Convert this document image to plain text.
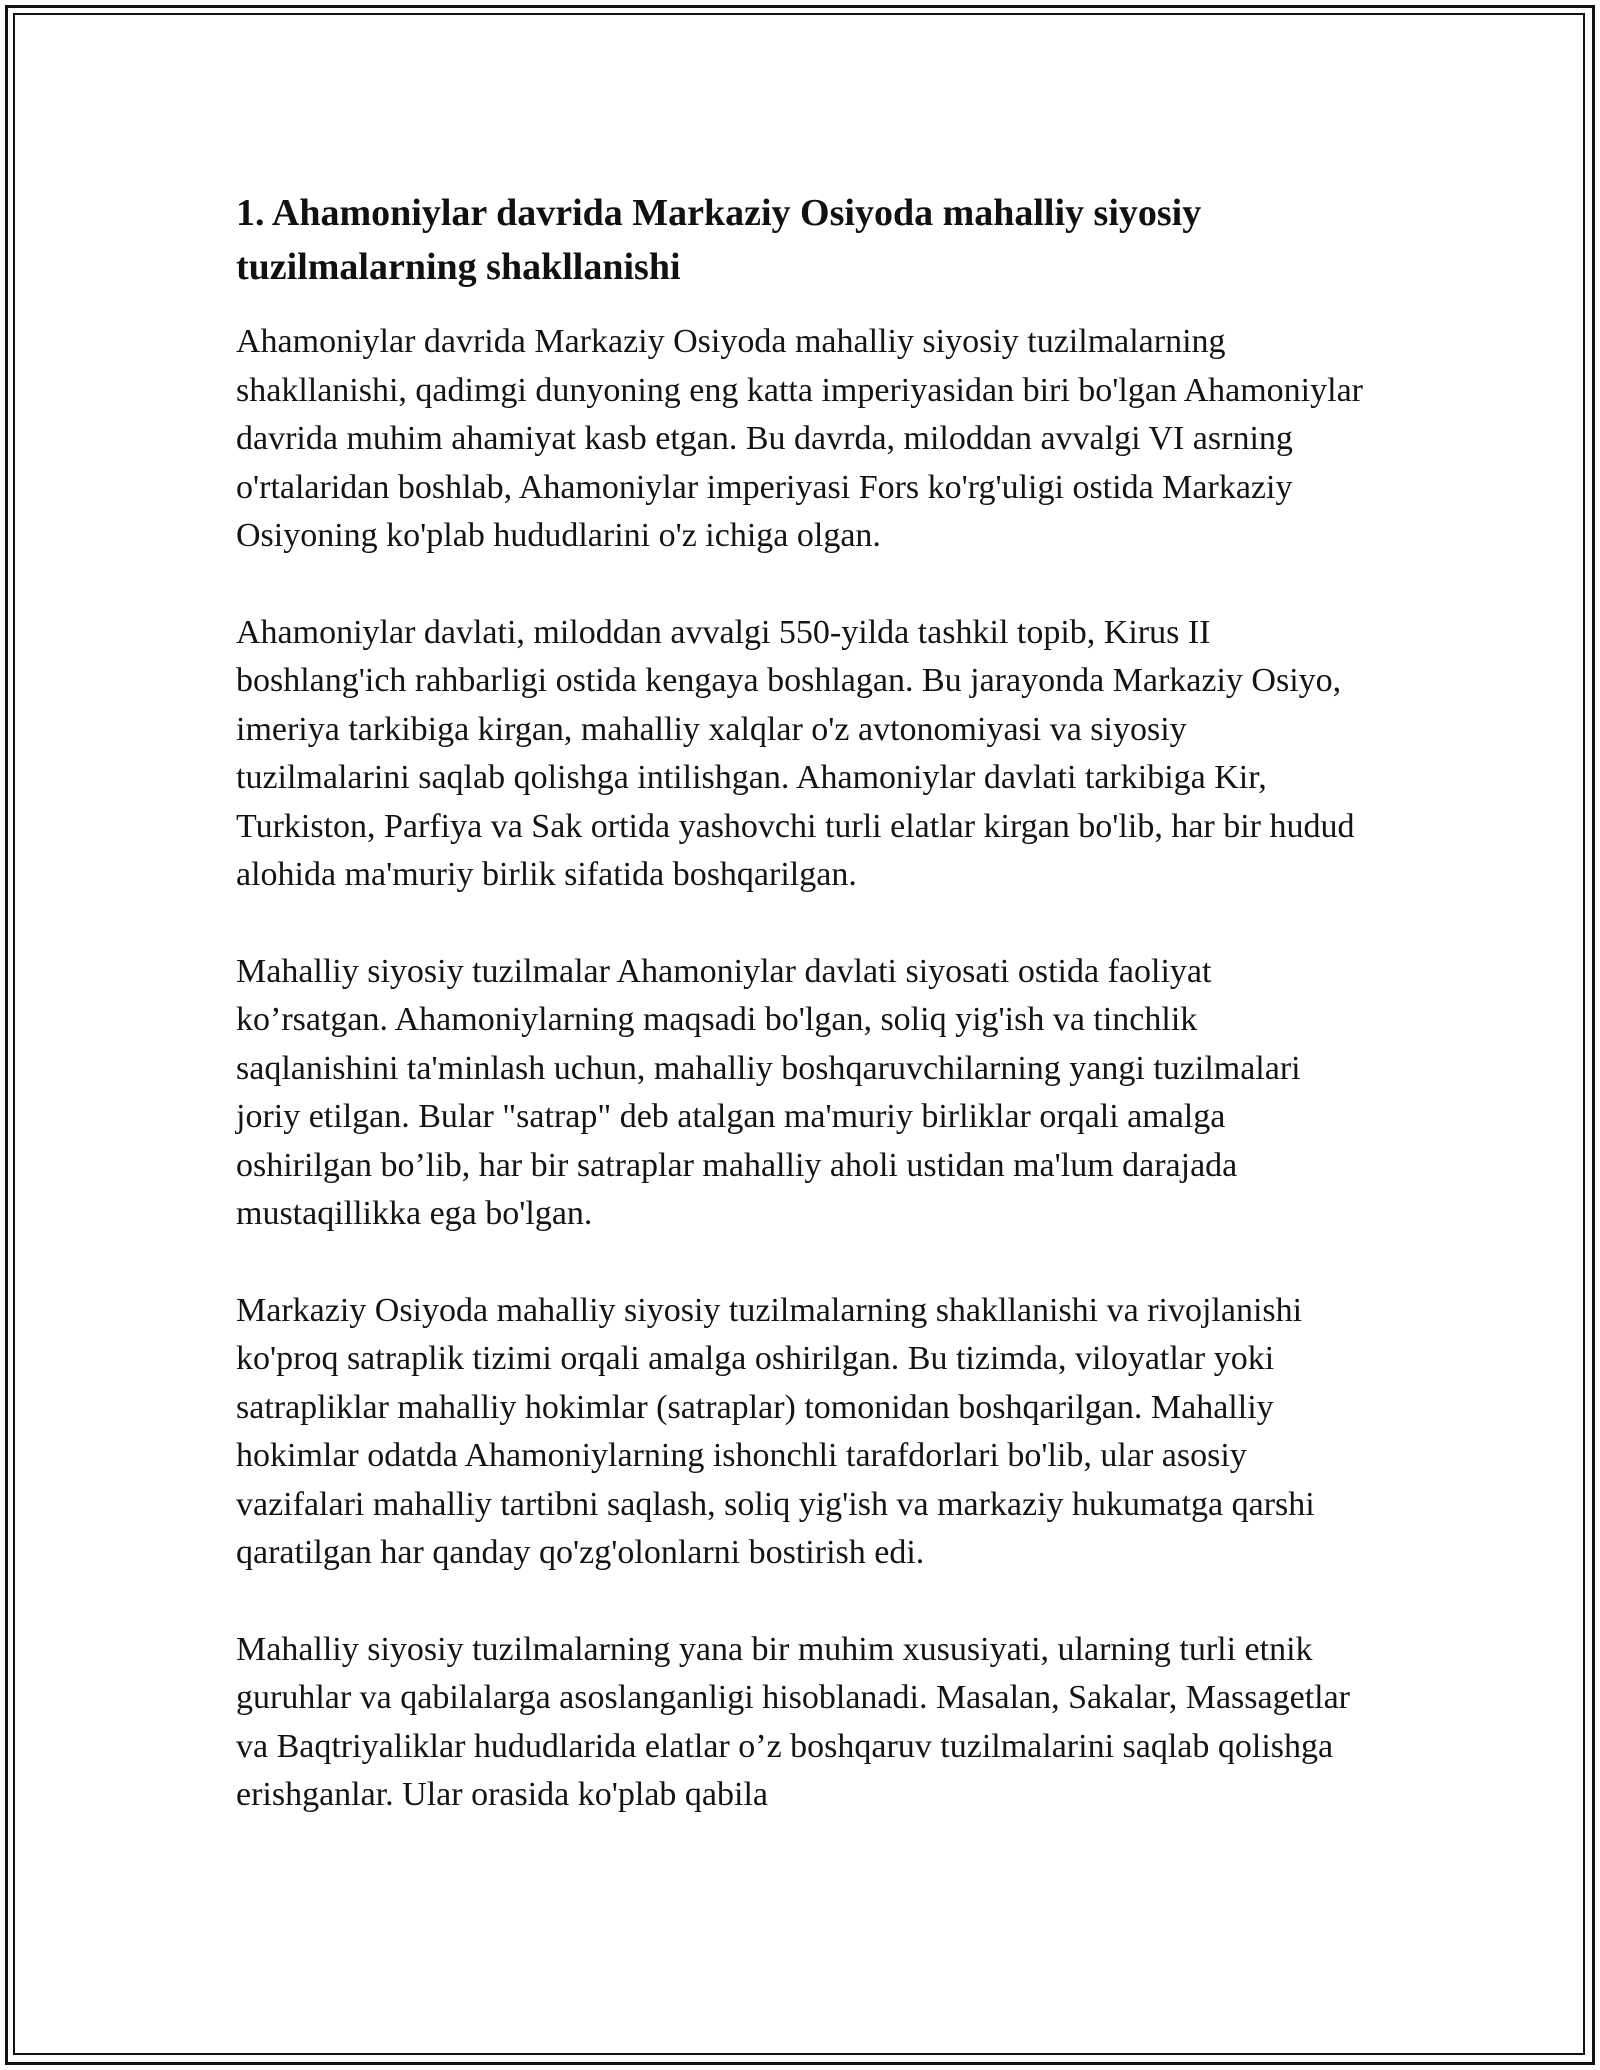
1. Ahamoniylar davrida Markaziy Osiyoda mahalliy siyosiy tuzilmalarning shakllanishi

Ahamoniylar davrida Markaziy Osiyoda mahalliy siyosiy tuzilmalarning shakllanishi, qadimgi dunyoning eng katta imperiyasidan biri bo'lgan Ahamoniylar davrida muhim ahamiyat kasb etgan. Bu davrda, miloddan avvalgi VI asrning o'rtalaridan boshlab, Ahamoniylar imperiyasi Fors ko'rg'uligi ostida Markaziy Osiyoning ko'plab hududlarini o'z ichiga olgan.

Ahamoniylar davlati, miloddan avvalgi 550-yilda tashkil topib, Kirus II boshlang'ich rahbarligi ostida kengaya boshlagan. Bu jarayonda Markaziy Osiyo, imeriya tarkibiga kirgan, mahalliy xalqlar o'z avtonomiyasi va siyosiy tuzilmalarini saqlab qolishga intilishgan. Ahamoniylar davlati tarkibiga Kir, Turkiston, Parfiya va Sak ortida yashovchi turli elatlar kirgan bo'lib, har bir hudud alohida ma'muriy birlik sifatida boshqarilgan.

Mahalliy siyosiy tuzilmalar Ahamoniylar davlati siyosati ostida faoliyat ko’rsatgan. Ahamoniylarning maqsadi bo'lgan, soliq yig'ish va tinchlik saqlanishini ta'minlash uchun, mahalliy boshqaruvchilarning yangi tuzilmalari joriy etilgan. Bular "satrap" deb atalgan ma'muriy birliklar orqali amalga oshirilgan bo’lib, har bir satraplar mahalliy aholi ustidan ma'lum darajada mustaqillikka ega bo'lgan.

Markaziy Osiyoda mahalliy siyosiy tuzilmalarning shakllanishi va rivojlanishi ko'proq satraplik tizimi orqali amalga oshirilgan. Bu tizimda, viloyatlar yoki satrapliklar mahalliy hokimlar (satraplar) tomonidan boshqarilgan. Mahalliy hokimlar odatda Ahamoniylarning ishonchli tarafdorlari bo'lib, ular asosiy vazifalari mahalliy tartibni saqlash, soliq yig'ish va markaziy hukumatga qarshi qaratilgan har qanday qo'zg'olonlarni bostirish edi.

Mahalliy siyosiy tuzilmalarning yana bir muhim xususiyati, ularning turli etnik guruhlar va qabilalarga asoslanganligi hisoblanadi. Masalan, Sakalar, Massagetlar va Baqtriyaliklar hududlarida elatlar o’z boshqaruv tuzilmalarini saqlab qolishga erishganlar. Ular orasida ko'plab qabila
